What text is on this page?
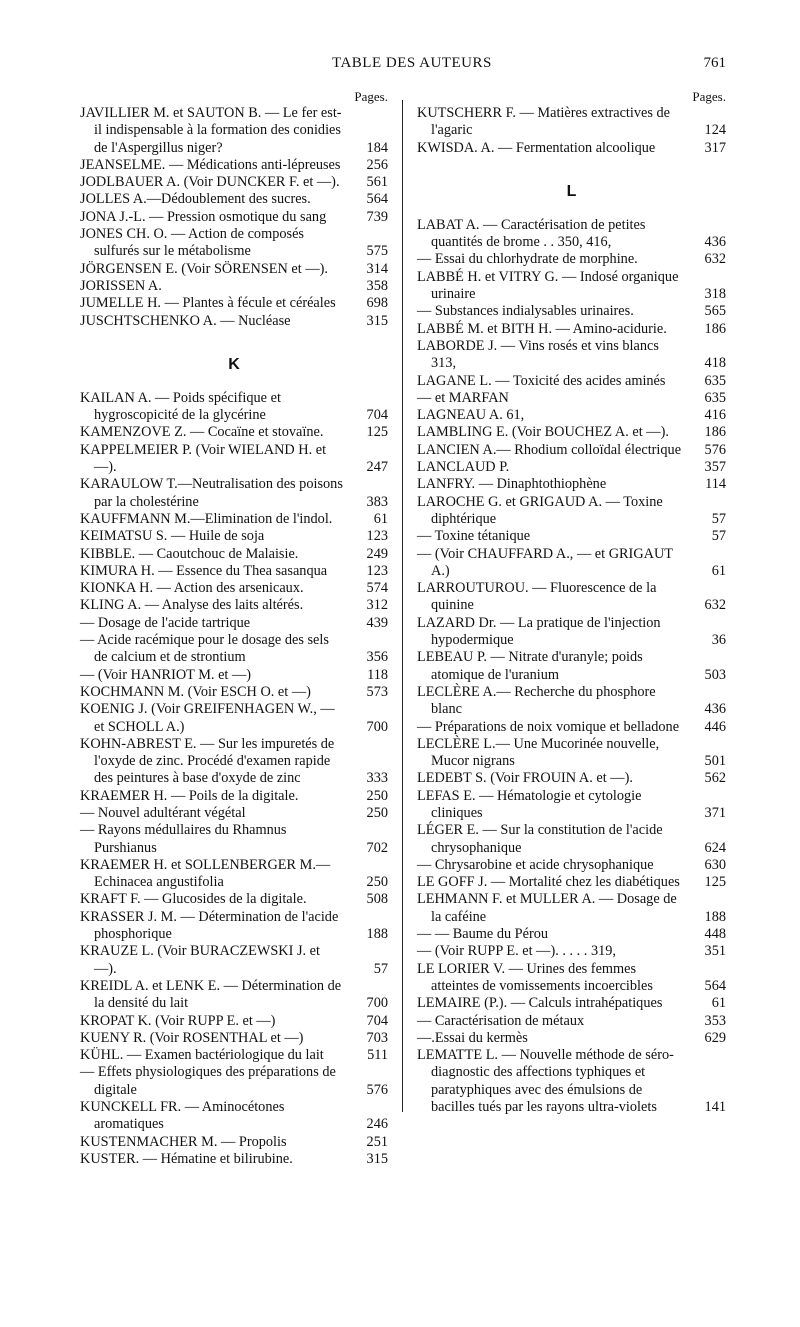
TABLE DES AUTEURS	761
Pages.
JAVILLIER M. et SAUTON B. — Le fer est-il indispensable à la formation des conidies de l'Aspergillus niger?	184
JEANSELME. — Médications anti-lépreuses 256
JODLBAUER A. (Voir DUNCKER F. et —). 561
JOLLES A.—Dédoublement des sucres.	564
JONA J.-L. — Pression osmotique du sang	739
JONES CH. O. — Action de composés sulfurés sur le métabolisme	575
JÖRGENSEN E. (Voir SÖRENSEN et —).	314
JORISSEN A.	358
JUMELLE H. — Plantes à fécule et céréales 698
JUSCHTSCHENKO A. — Nucléase	315
K
KAILAN A. — Poids spécifique et hygroscopicité de la glycérine	704
KAMENZOVE Z. — Cocaïne et stovaïne.	125
KAPPELMEIER P. (Voir WIELAND H. et —).	247
KARAULOW T.—Neutralisation des poisons par la cholestérine	383
KAUFFMANN M.—Elimination de l'indol.	61
KEIMATSU S. — Huile de soja	123
KIBBLE. — Caoutchouc de Malaisie.	249
KIMURA H. — Essence du Thea sasanqua	123
KIONKA H. — Action des arsenicaux.	574
KLING A. — Analyse des laits altérés.	312
— Dosage de l'acide tartrique	439
— Acide racémique pour le dosage des sels de calcium et de strontium	356
— (Voir HANRIOT M. et —)	118
KOCHMANN M. (Voir ESCH O. et —)	573
KOENIG J. (Voir GREIFENHAGEN W., — et SCHOLL A.)	700
KOHN-ABREST E. — Sur les impuretés de l'oxyde de zinc. Procédé d'examen rapide des peintures à base d'oxyde de zinc	333
KRAEMER H. — Poils de la digitale.	250
— Nouvel adultérant végétal	250
— Rayons médullaires du Rhamnus Purshianus	702
KRAEMER H. et SOLLENBERGER M.—Echinacea angustifolia	250
KRAFT F. — Glucosides de la digitale.	508
KRASSER J. M. — Détermination de l'acide phosphorique	188
KRAUZE L. (Voir BURACZEWSKI J. et —).	57
KREIDL A. et LENK E. — Détermination de la densité du lait	700
KROPAT K. (Voir RUPP E. et —)	704
KUENY R. (Voir ROSENTHAL et —)	703
KÜHL. — Examen bactériologique du lait	511
— Effets physiologiques des préparations de digitale	576
KUNCKELL FR. — Aminocétones aromatiques	246
KUSTENMACHER M. — Propolis	251
KUSTER. — Hématine et bilirubine.	315
Pages.
KUTSCHERR F. — Matières extractives de l'agaric	124
KWISDA. A. — Fermentation alcoolique	317
L
LABAT A. — Caractérisation de petites quantités de brome . . 350, 416,	436
— Essai du chlorhydrate de morphine.	632
LABBÉ H. et VITRY G. — Indosé organique urinaire	318
— Substances indialysables urinaires.	565
LABBÉ M. et BITH H. — Amino-acidurie.	186
LABORDE J. — Vins rosés et vins blancs 313,	418
LAGANE L. — Toxicité des acides aminés	635
— et MARFAN	635
LAGNEAU A. 61,	416
LAMBLING E. (Voir BOUCHEZ A. et —). 186
LANCIEN A.— Rhodium colloïdal électrique 576
LANCLAUD P.	357
LANFRY. — Dinaphtothiophène	114
LAROCHE G. et GRIGAUD A. — Toxine diphtérique	57
— Toxine tétanique	57
— (Voir CHAUFFARD A., — et GRIGAUT A.)	61
LARROUTUROU. — Fluorescence de la quinine	632
LAZARD Dr. — La pratique de l'injection hypodermique	36
LEBEAU P. — Nitrate d'uranyle; poids atomique de l'uranium	503
LECLÈRE A.— Recherche du phosphore blanc	436
— Préparations de noix vomique et belladone 446
LECLÈRE L.— Une Mucorinée nouvelle, Mucor nigrans	501
LEDEBT S. (Voir FROUIN A. et —).	562
LEFAS E. — Hématologie et cytologie cliniques	371
LÉGER E. — Sur la constitution de l'acide chrysophanique	624
— Chrysarobine et acide chrysophanique	630
LE GOFF J. — Mortalité chez les diabétiques 125
LEHMANN F. et MULLER A. — Dosage de la caféine	188
— — Baume du Pérou	448
— (Voir RUPP E. et —). . . . . 319,	351
LE LORIER V. — Urines des femmes atteintes de vomissements incoercibles	564
LEMAIRE (P.). — Calculs intrahépatiques	61
— Caractérisation de métaux	353
—.Essai du kermès	629
LEMATTE L. — Nouvelle méthode de séro-diagnostic des affections typhiques et paratyphiques avec des émulsions de bacilles tués par les rayons ultra-violets	141
